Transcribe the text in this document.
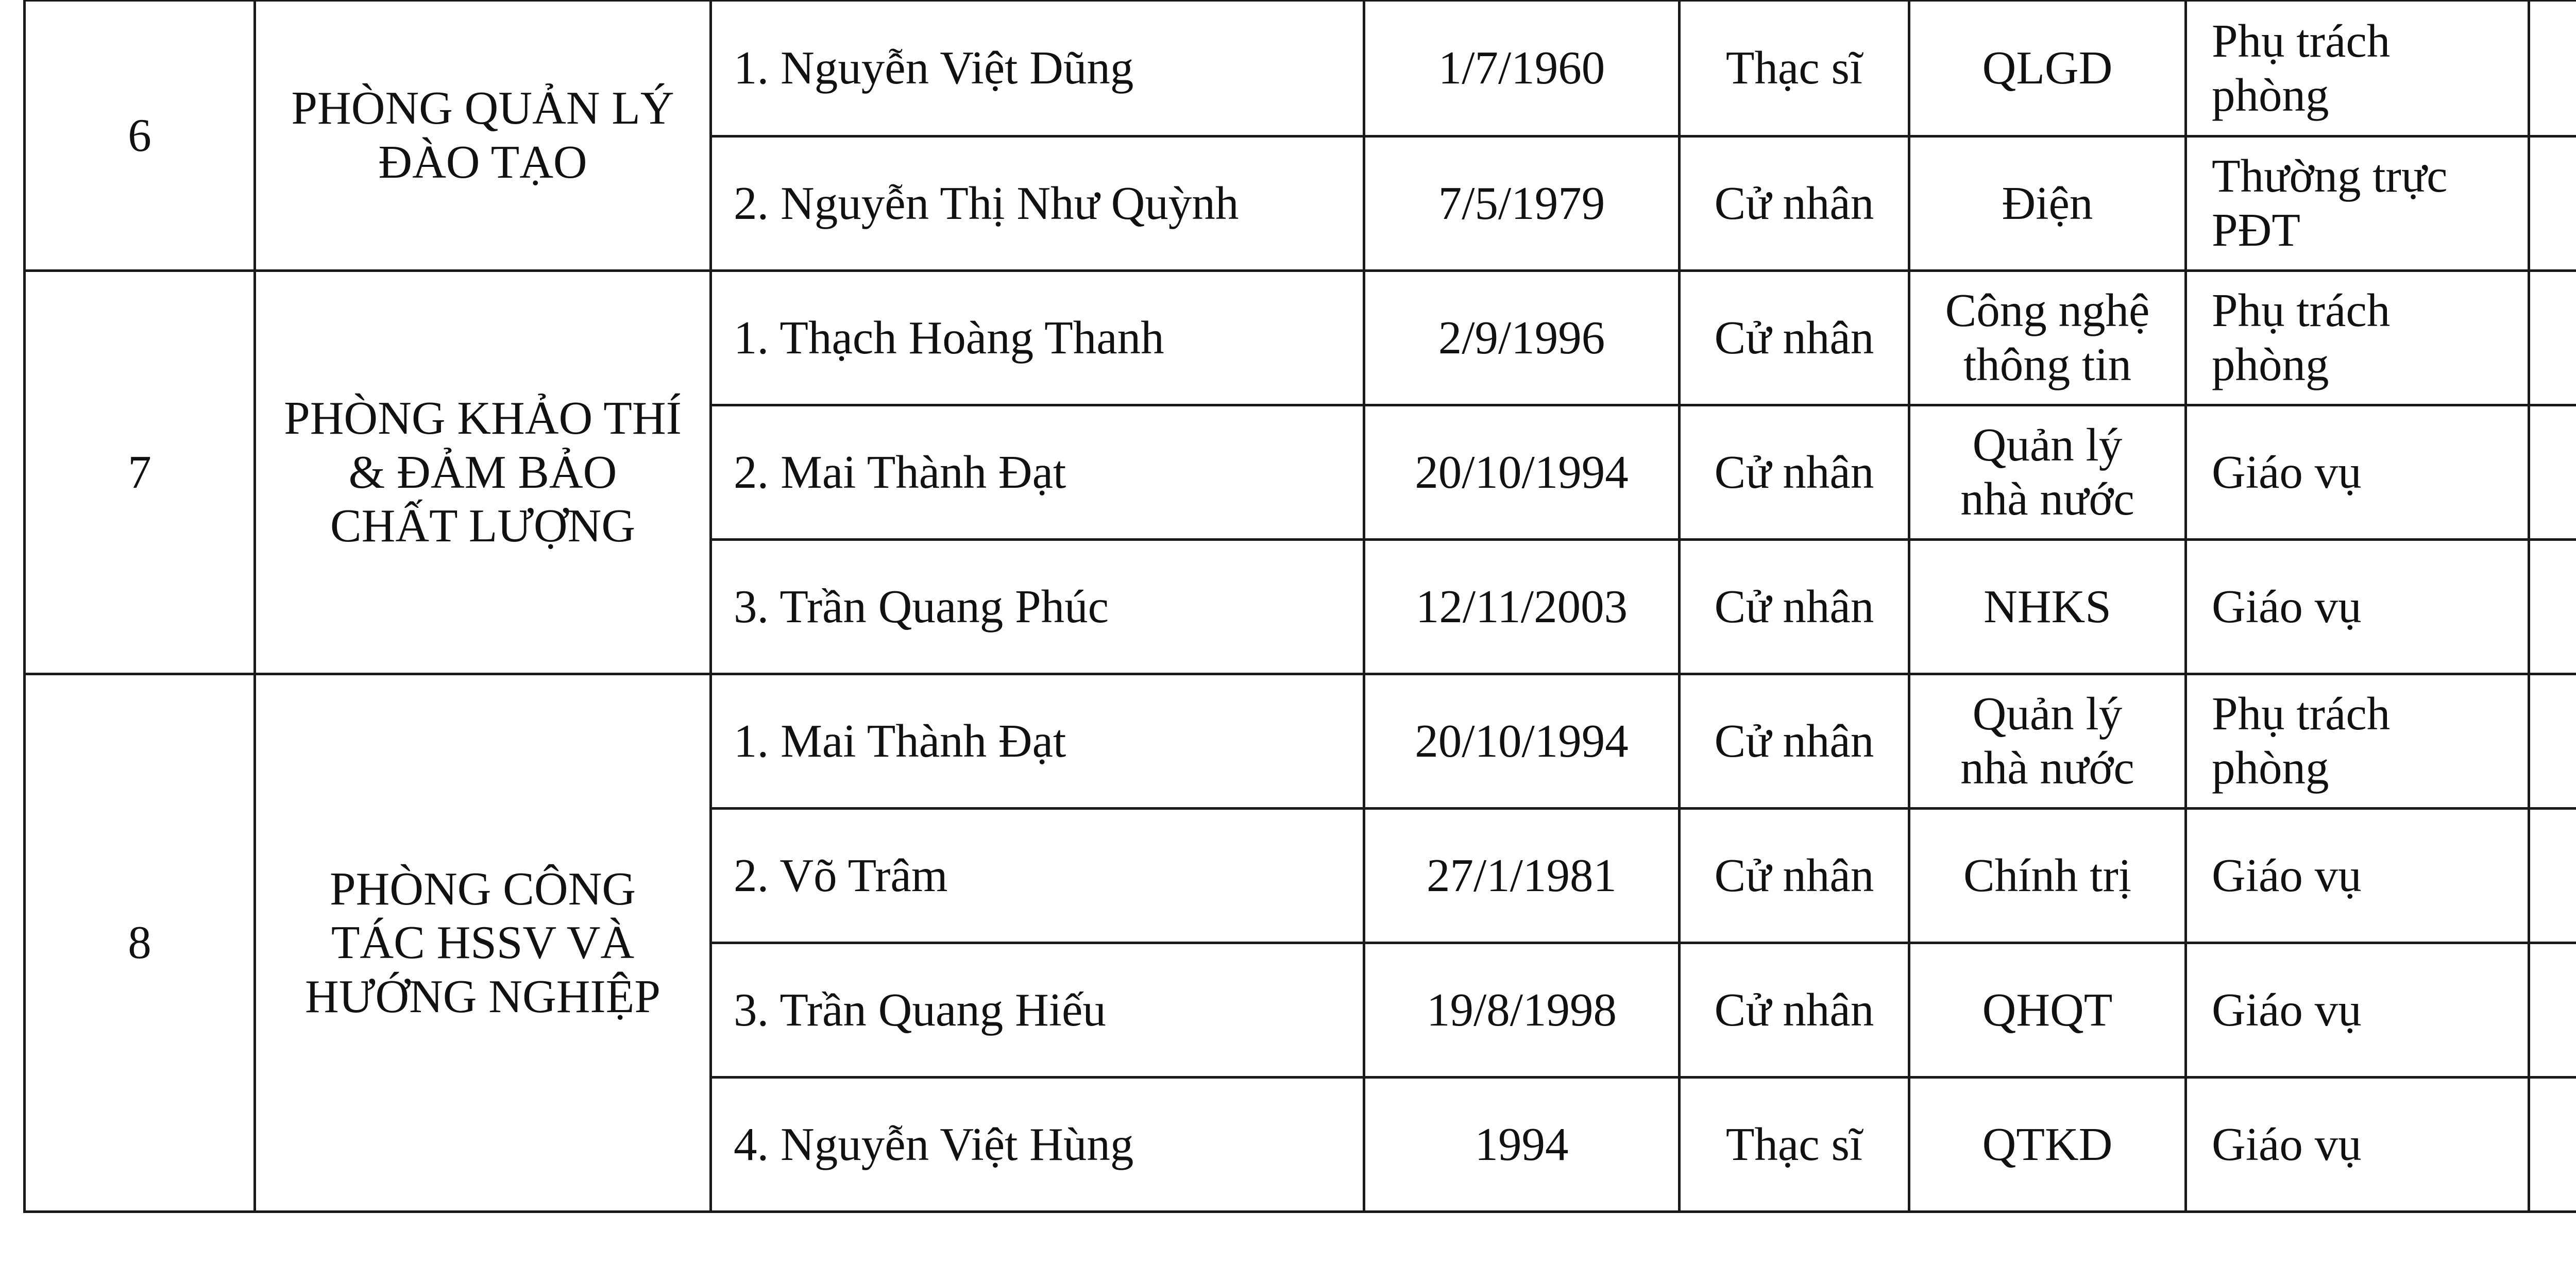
6	PHÒNG QUẢN LÝ
ĐÀO TẠO	1. Nguyễn Việt Dũng	1/7/1960	Thạc sĩ	QLGD	Phụ trách
phòng	

		2. Nguyễn Thị Như Quỳnh	7/5/1979	Cử nhân	Điện	Thường trực
PĐT	

7	PHÒNG KHẢO THÍ
& ĐẢM BẢO
CHẤT LƯỢNG	1. Thạch Hoàng Thanh	2/9/1996	Cử nhân	Công nghệ
thông tin	Phụ trách
phòng	

		2. Mai Thành Đạt	20/10/1994	Cử nhân	Quản lý
nhà nước	Giáo vụ	

		3. Trần Quang Phúc	12/11/2003	Cử nhân	NHKS	Giáo vụ	

8	PHÒNG CÔNG
TÁC HSSV VÀ
HƯỚNG NGHIỆP	1. Mai Thành Đạt	20/10/1994	Cử nhân	Quản lý
nhà nước	Phụ trách
phòng	

		2. Võ Trâm	27/1/1981	Cử nhân	Chính trị	Giáo vụ	

		3. Trần Quang Hiếu	19/8/1998	Cử nhân	QHQT	Giáo vụ	

		4. Nguyễn Việt Hùng	1994	Thạc sĩ	QTKD	Giáo vụ	
